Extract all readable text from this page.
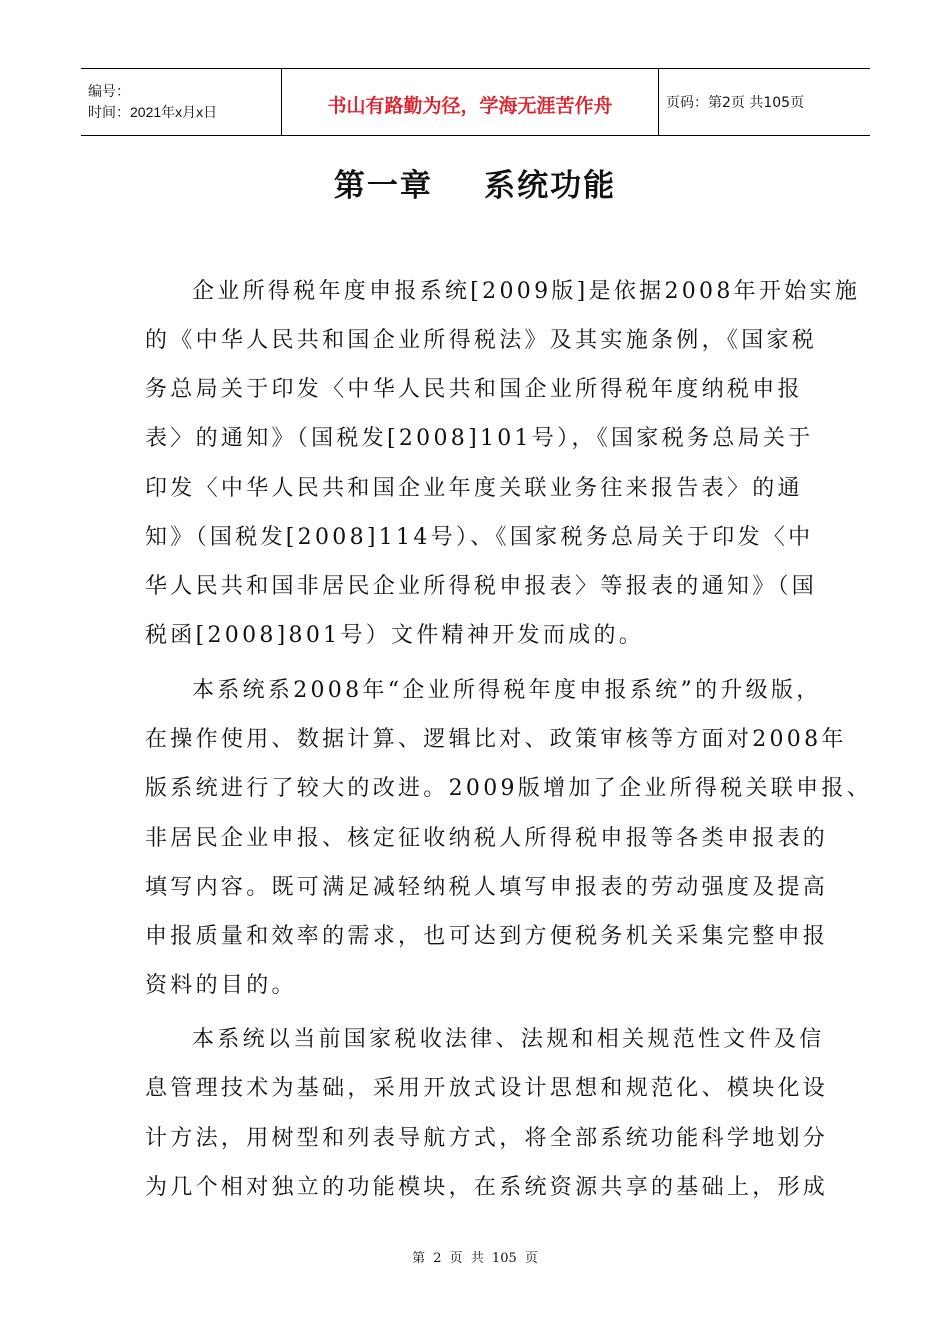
编号：
时间：2021年x月x日	书山有路勤为径，学海无涯苦作舟	页码：第2页 共105页
第一章    系统功能

企业所得税年度申报系统[2009版]是依据2008年开始实施

的《中华人民共和国企业所得税法》及其实施条例，《国家税

务总局关于印发〈中华人民共和国企业所得税年度纳税申报

表〉的通知》（国税发[2008]101号），《国家税务总局关于

印发〈中华人民共和国企业年度关联业务往来报告表〉的通

知》（国税发[2008]114号）、《国家税务总局关于印发〈中

华人民共和国非居民企业所得税申报表〉等报表的通知》（国

税函[2008]801号）文件精神开发而成的。

本系统系2008年“企业所得税年度申报系统”的升级版，

在操作使用、数据计算、逻辑比对、政策审核等方面对2008年

版系统进行了较大的改进。2009版增加了企业所得税关联申报、

非居民企业申报、核定征收纳税人所得税申报等各类申报表的

填写内容。既可满足减轻纳税人填写申报表的劳动强度及提高

申报质量和效率的需求，也可达到方便税务机关采集完整申报

资料的目的。

本系统以当前国家税收法律、法规和相关规范性文件及信

息管理技术为基础，采用开放式设计思想和规范化、模块化设

计方法，用树型和列表导航方式，将全部系统功能科学地划分

为几个相对独立的功能模块，在系统资源共享的基础上，形成

第 2 页 共 105 页
